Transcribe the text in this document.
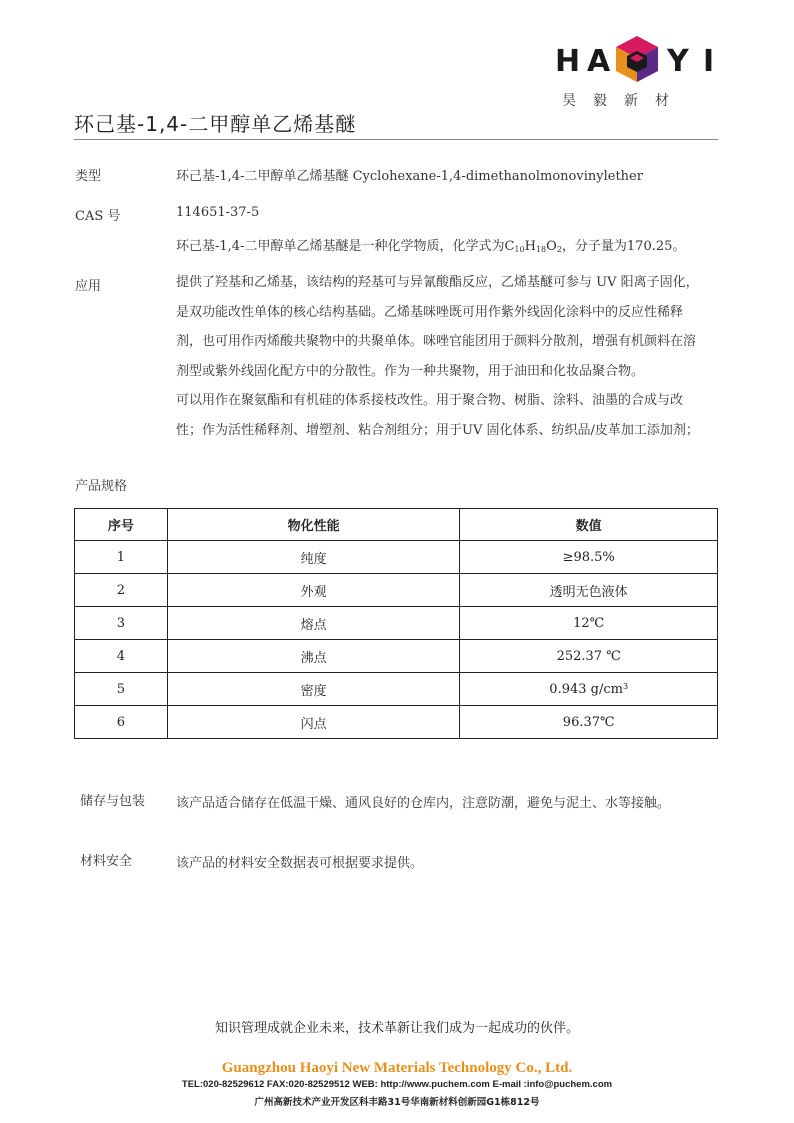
H A Y I
昊毅新材
环己基-1,4-二甲醇单乙烯基醚
类型	环己基-1,4-二甲醇单乙烯基醚 Cyclohexane-1,4-dimethanolmonovinylether
CAS 号	114651-37-5
环己基-1,4-二甲醇单乙烯基醚是一种化学物质，化学式为$C_{10}H_{18}O_2$，分子量为170.25。
应用	提供了羟基和乙烯基，该结构的羟基可与异氰酸酯反应，乙烯基醚可参与 UV 阳离子固化，
是双功能改性单体的核心结构基础。乙烯基咪唑既可用作紫外线固化涂料中的反应性稀释
剂，也可用作丙烯酸共聚物中的共聚单体。咪唑官能团用于颜料分散剂，增强有机颜料在溶
剂型或紫外线固化配方中的分散性。作为一种共聚物，用于油田和化妆品聚合物。
可以用作在聚氨酯和有机硅的体系接枝改性。用于聚合物、树脂、涂料、油墨的合成与改
性；作为活性稀释剂、增塑剂、粘合剂组分；用于UV 固化体系、纺织品/皮革加工添加剂；
产品规格
序号	物化性能	数值
1	纯度	≥98.5%
2	外观	透明无色液体
3	熔点	12℃
4	沸点	252.37 ℃
5	密度	0.943 $g/cm^3$
6	闪点	96.37℃
储存与包装 该产品适合储存在低温干燥、通风良好的仓库内，注意防潮，避免与泥土、水等接触。
材料安全	该产品的材料安全数据表可根据要求提供。
知识管理成就企业未来，技术革新让我们成为一起成功的伙伴。
Guangzhou Haoyi New Materials Technology Co., Ltd.
TEL:020-82529612 FAX:020-82529512 WEB: http://www.puchem.com E-mail :info@puchem.com
广州高新技术产业开发区科丰路31号华南新材料创新园G1栋812号
